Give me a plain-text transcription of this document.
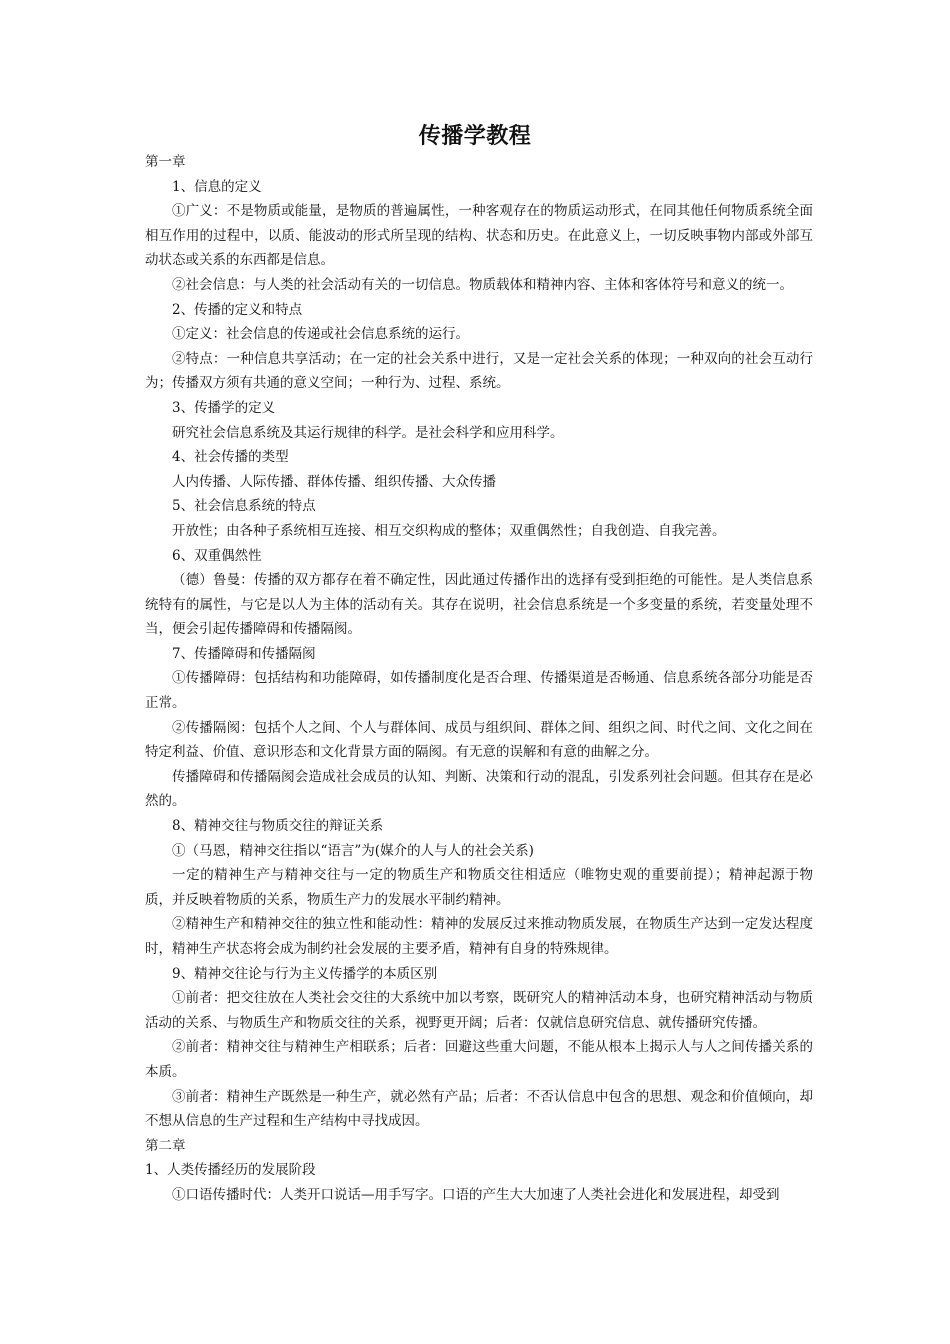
传播学教程

第一章

1、信息的定义

①广义：不是物质或能量，是物质的普遍属性，一种客观存在的物质运动形式，在同其他任何物质系统全面相互作用的过程中，以质、能波动的形式所呈现的结构、状态和历史。在此意义上，一切反映事物内部或外部互动状态或关系的东西都是信息。

②社会信息：与人类的社会活动有关的一切信息。物质载体和精神内容、主体和客体符号和意义的统一。

2、传播的定义和特点

①定义：社会信息的传递或社会信息系统的运行。

②特点：一种信息共享活动；在一定的社会关系中进行，又是一定社会关系的体现；一种双向的社会互动行为；传播双方须有共通的意义空间；一种行为、过程、系统。

3、传播学的定义

研究社会信息系统及其运行规律的科学。是社会科学和应用科学。

4、社会传播的类型

人内传播、人际传播、群体传播、组织传播、大众传播

5、社会信息系统的特点

开放性；由各种子系统相互连接、相互交织构成的整体；双重偶然性；自我创造、自我完善。

6、双重偶然性

（德）鲁曼：传播的双方都存在着不确定性，因此通过传播作出的选择有受到拒绝的可能性。是人类信息系统特有的属性，与它是以人为主体的活动有关。其存在说明，社会信息系统是一个多变量的系统，若变量处理不当，便会引起传播障碍和传播隔阂。

7、传播障碍和传播隔阂

①传播障碍：包括结构和功能障碍，如传播制度化是否合理、传播渠道是否畅通、信息系统各部分功能是否正常。

②传播隔阂：包括个人之间、个人与群体间、成员与组织间、群体之间、组织之间、时代之间、文化之间在特定利益、价值、意识形态和文化背景方面的隔阂。有无意的误解和有意的曲解之分。

传播障碍和传播隔阂会造成社会成员的认知、判断、决策和行动的混乱，引发系列社会问题。但其存在是必然的。

8、精神交往与物质交往的辩证关系

①（马恩，精神交往指以“语言”为(媒介的人与人的社会关系)

一定的精神生产与精神交往与一定的物质生产和物质交往相适应（唯物史观的重要前提）；精神起源于物质，并反映着物质的关系，物质生产力的发展水平制约精神。

②精神生产和精神交往的独立性和能动性：精神的发展反过来推动物质发展，在物质生产达到一定发达程度时，精神生产状态将会成为制约社会发展的主要矛盾，精神有自身的特殊规律。

9、精神交往论与行为主义传播学的本质区别

①前者：把交往放在人类社会交往的大系统中加以考察，既研究人的精神活动本身，也研究精神活动与物质活动的关系、与物质生产和物质交往的关系，视野更开阔；后者：仅就信息研究信息、就传播研究传播。

②前者：精神交往与精神生产相联系；后者：回避这些重大问题，不能从根本上揭示人与人之间传播关系的本质。

③前者：精神生产既然是一种生产，就必然有产品；后者：不否认信息中包含的思想、观念和价值倾向，却不想从信息的生产过程和生产结构中寻找成因。

第二章

1、人类传播经历的发展阶段

①口语传播时代：人类开口说话—用手写字。口语的产生大大加速了人类社会进化和发展进程，却受到
